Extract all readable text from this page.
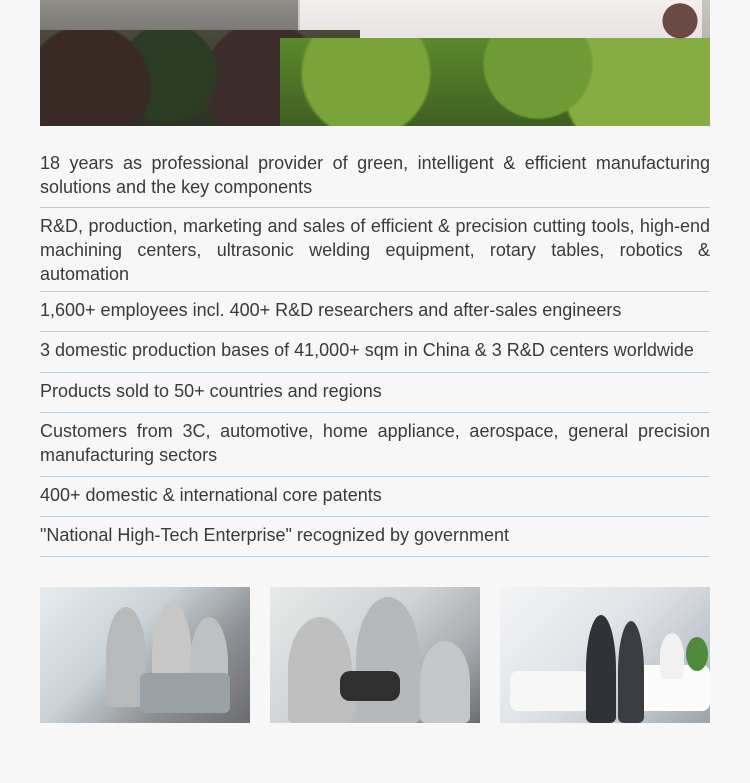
18 years as professional provider of green, intelligent & efficient manufacturing solutions and the key components
R&D, production, marketing and sales of efficient & precision cutting tools, high-end machining centers, ultrasonic welding equipment, rotary tables, robotics & automation
1,600+ employees incl. 400+ R&D researchers and after-sales engineers
3 domestic production bases of 41,000+ sqm in China & 3 R&D centers worldwide
Products sold to 50+ countries and regions
Customers from 3C, automotive, home appliance, aerospace, general precision manufacturing sectors
400+ domestic & international core patents
"National High-Tech Enterprise" recognized by government
